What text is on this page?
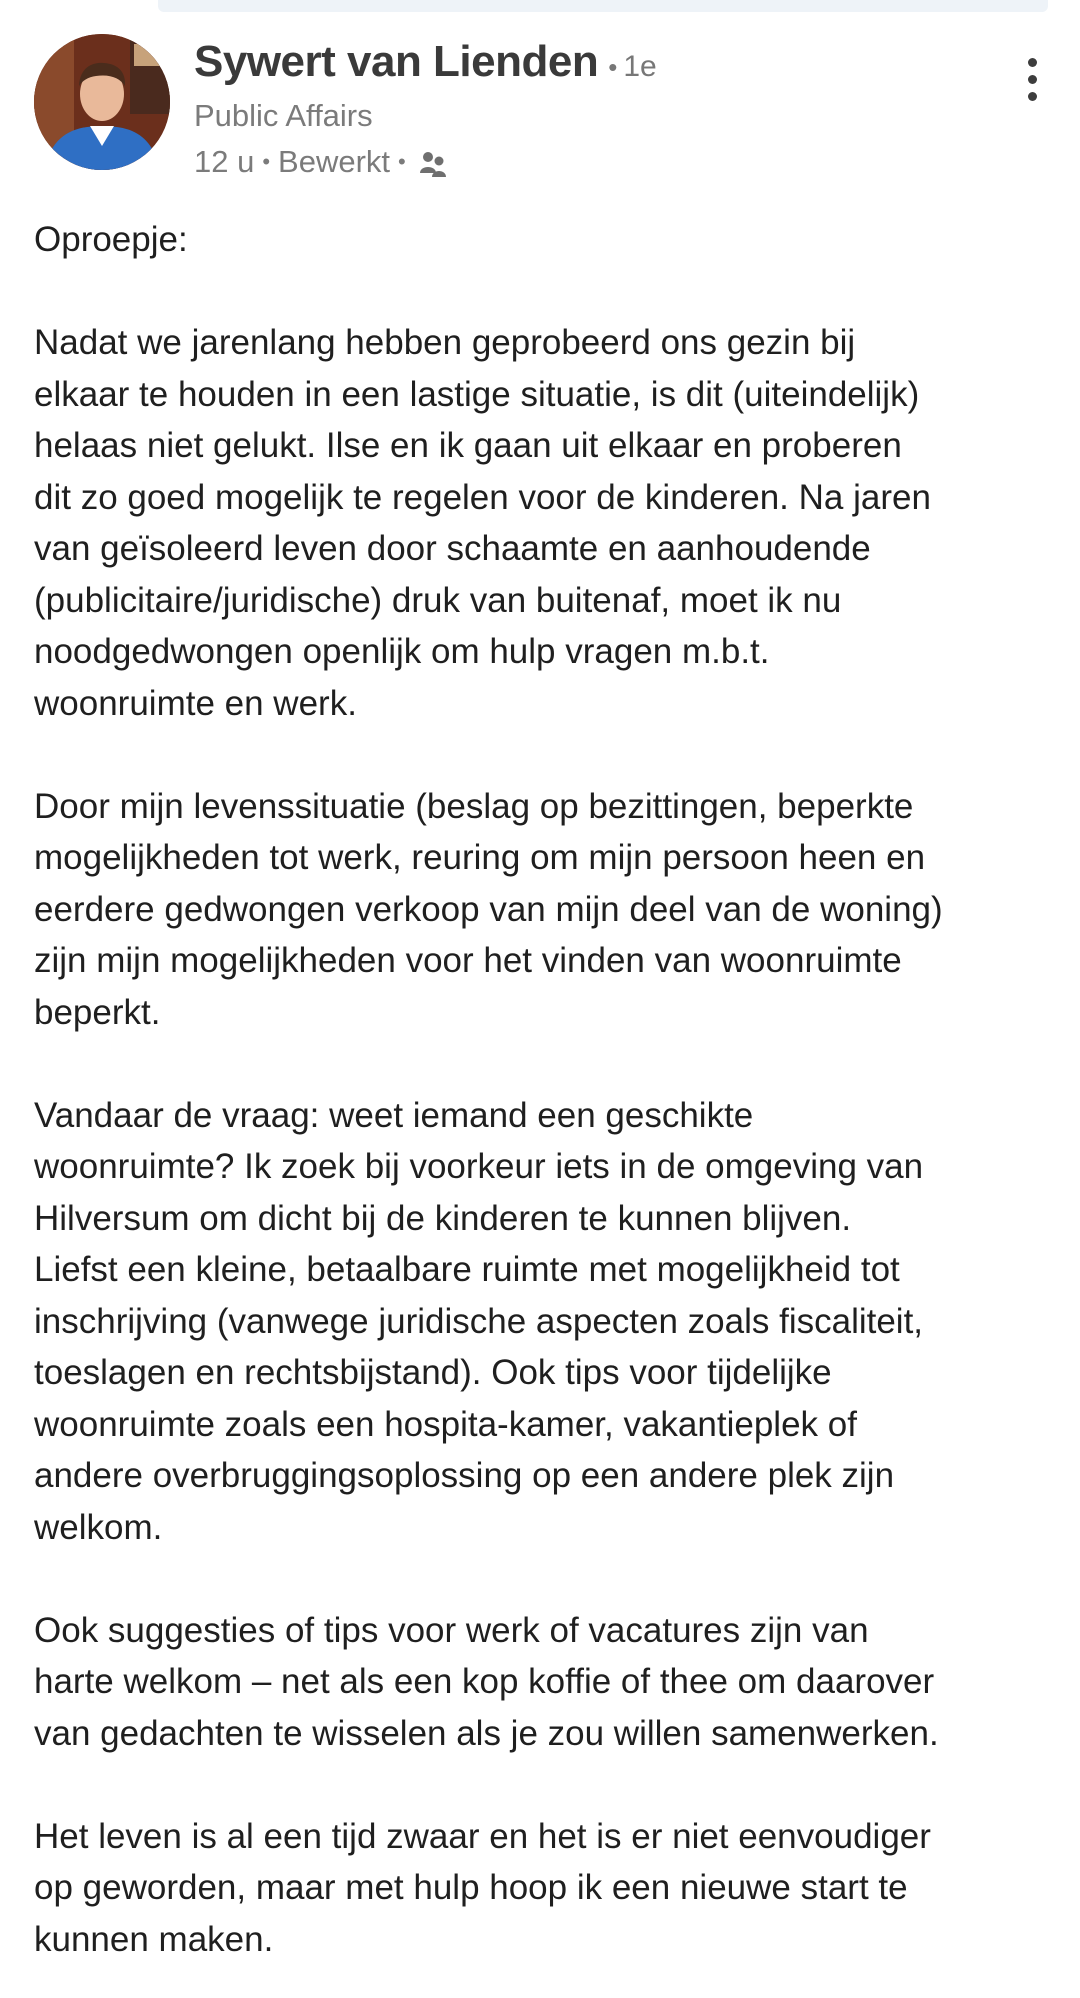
Sywert van Lienden • 1e
Public Affairs
12 u • Bewerkt •

Oproepje:

Nadat we jarenlang hebben geprobeerd ons gezin bij
elkaar te houden in een lastige situatie, is dit (uiteindelijk)
helaas niet gelukt. Ilse en ik gaan uit elkaar en proberen
dit zo goed mogelijk te regelen voor de kinderen. Na jaren
van geïsoleerd leven door schaamte en aanhoudende
(publicitaire/juridische) druk van buitenaf, moet ik nu
noodgedwongen openlijk om hulp vragen m.b.t.
woonruimte en werk.

Door mijn levenssituatie (beslag op bezittingen, beperkte
mogelijkheden tot werk, reuring om mijn persoon heen en
eerdere gedwongen verkoop van mijn deel van de woning)
zijn mijn mogelijkheden voor het vinden van woonruimte
beperkt.

Vandaar de vraag: weet iemand een geschikte
woonruimte? Ik zoek bij voorkeur iets in de omgeving van
Hilversum om dicht bij de kinderen te kunnen blijven.
Liefst een kleine, betaalbare ruimte met mogelijkheid tot
inschrijving (vanwege juridische aspecten zoals fiscaliteit,
toeslagen en rechtsbijstand). Ook tips voor tijdelijke
woonruimte zoals een hospita-kamer, vakantieplek of
andere overbruggingsoplossing op een andere plek zijn
welkom.

Ook suggesties of tips voor werk of vacatures zijn van
harte welkom – net als een kop koffie of thee om daarover
van gedachten te wisselen als je zou willen samenwerken.

Het leven is al een tijd zwaar en het is er niet eenvoudiger
op geworden, maar met hulp hoop ik een nieuwe start te
kunnen maken.
